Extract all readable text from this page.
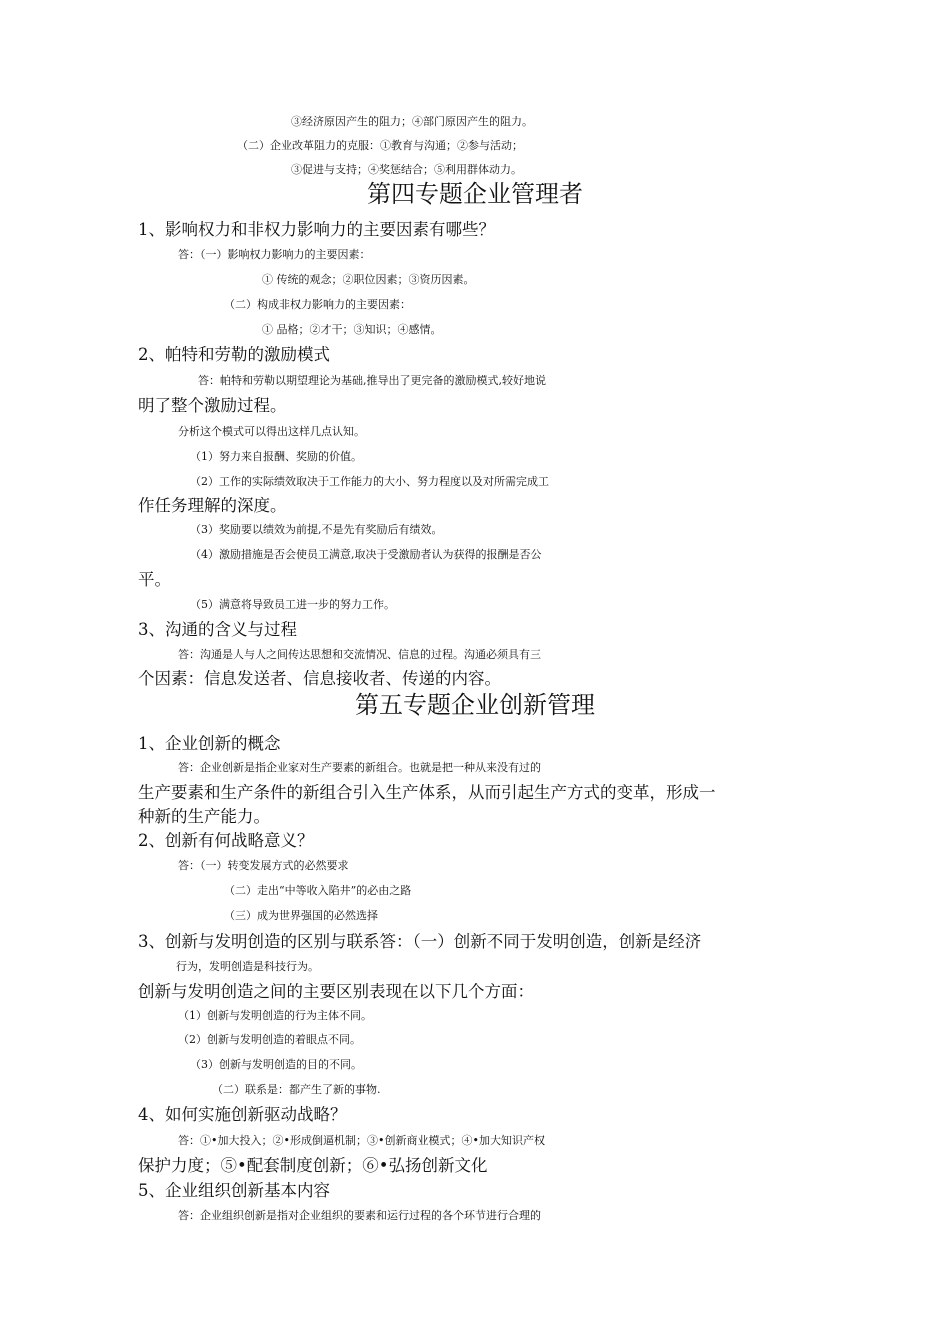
③经济原因产生的阻力；④部门原因产生的阻力。
（二）企业改革阻力的克服：①教育与沟通；②参与活动；
③促进与支持；④奖惩结合；⑤利用群体动力。
第四专题企业管理者
1、影响权力和非权力影响力的主要因素有哪些？
答：（一）影响权力影响力的主要因素：
① 传统的观念；②职位因素；③资历因素。
（二）构成非权力影响力的主要因素：
① 品格；②才干；③知识；④感情。
2、帕特和劳勒的激励模式
答：帕特和劳勒以期望理论为基础,推导出了更完备的激励模式,较好地说
明了整个激励过程。
分析这个模式可以得出这样几点认知。
（1）努力来自报酬、奖励的价值。
（2）工作的实际绩效取决于工作能力的大小、努力程度以及对所需完成工
作任务理解的深度。
（3）奖励要以绩效为前提,不是先有奖励后有绩效。
（4）激励措施是否会使员工满意,取决于受激励者认为获得的报酬是否公
平。
（5）满意将导致员工进一步的努力工作。
3、沟通的含义与过程
答：沟通是人与人之间传达思想和交流情况、信息的过程。沟通必须具有三
个因素：信息发送者、信息接收者、传递的内容。
第五专题企业创新管理
1、企业创新的概念
答：企业创新是指企业家对生产要素的新组合。也就是把一种从来没有过的
生产要素和生产条件的新组合引入生产体系，从而引起生产方式的变革，形成一
种新的生产能力。
2、创新有何战略意义？
答：（一）转变发展方式的必然要求
（二）走出“中等收入陷井”的必由之路
（三）成为世界强国的必然选择
3、创新与发明创造的区别与联系答：（一）创新不同于发明创造，创新是经济
行为，发明创造是科技行为。
创新与发明创造之间的主要区别表现在以下几个方面：
（1）创新与发明创造的行为主体不同。
（2）创新与发明创造的着眼点不同。
（3）创新与发明创造的目的不同。
（二）联系是：都产生了新的事物.
4、如何实施创新驱动战略？
答：①•加大投入；②•形成倒逼机制；③•创新商业模式；④•加大知识产权
保护力度；⑤•配套制度创新；⑥•弘扬创新文化
5、企业组织创新基本内容
答：企业组织创新是指对企业组织的要素和运行过程的各个环节进行合理的
